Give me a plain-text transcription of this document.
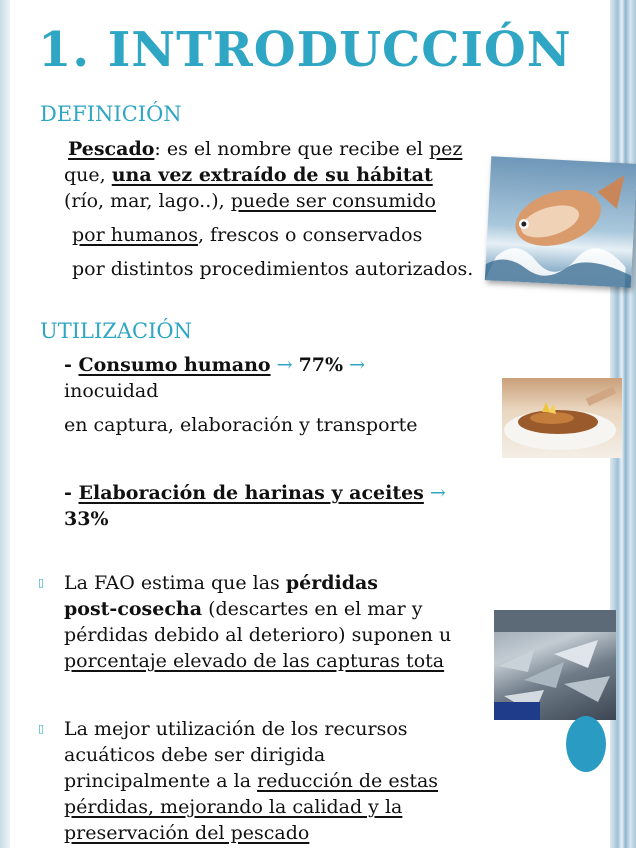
1. INTRODUCCIÓN
DEFINICIÓN
Pescado: es el nombre que recibe el pez
que, una vez extraído de su hábitat
(río, mar, lago..), puede ser consumido
por humanos, frescos o conservados
por distintos procedimientos autorizados.
UTILIZACIÓN
- Consumo humano → 77% →
inocuidad
en captura, elaboración y transporte
- Elaboración de harinas y aceites →
33%
▯ La FAO estima que las pérdidas
post-cosecha (descartes en el mar y
pérdidas debido al deterioro) suponen u
porcentaje elevado de las capturas tota
▯ La mejor utilización de los recursos
acuáticos debe ser dirigida
principalmente a la reducción de estas
pérdidas, mejorando la calidad y la
preservación del pescado
